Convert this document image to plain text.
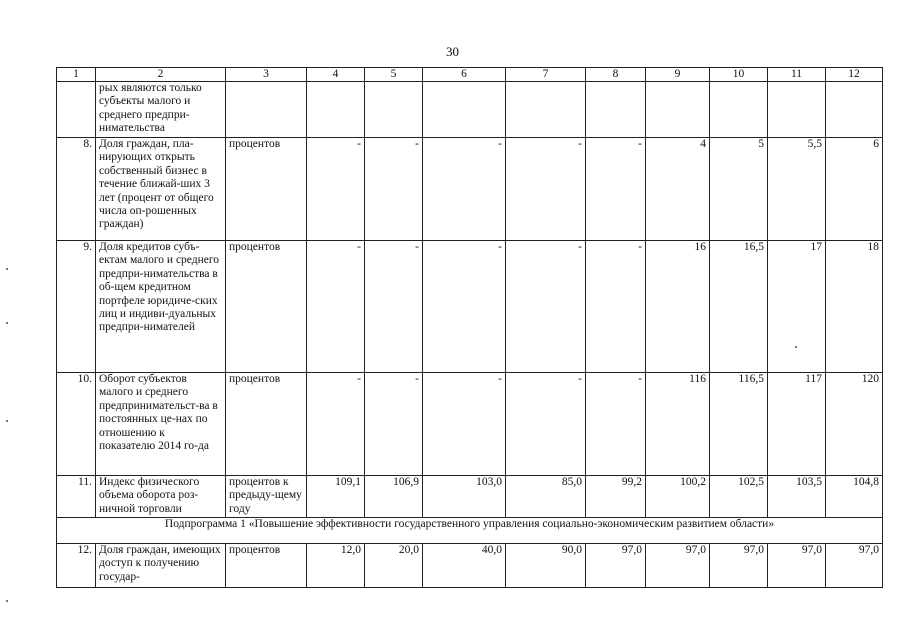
30
1	2	3	4	5	6	7	8	9	10	11	12
	рых являются только субъекты малого и среднего предпри-нимательства										
8.	Доля граждан, пла-нирующих открыть собственный бизнес в течение ближай-ших 3 лет (процент от общего числа оп-рошенных граждан)	процентов	-	-	-	-	-	4	5	5,5	6
9.	Доля кредитов субъ-ектам малого и среднего предпри-нимательства в об-щем кредитном портфеле юридиче-ских лиц и индиви-дуальных предпри-нимателей	процентов	-	-	-	-	-	16	16,5	17	18
10.	Оборот субъектов малого и среднего предпринимательст-ва в постоянных це-нах по отношению к показателю 2014 го-да	процентов	-	-	-	-	-	116	116,5	117	120
11.	Индекс физического объема оборота роз-ничной торговли	процентов к предыду-щему году	109,1	106,9	103,0	85,0	99,2	100,2	102,5	103,5	104,8
Подпрограмма 1 «Повышение эффективности государственного управления социально-экономическим развитием области»											
12.	Доля граждан, имеющих доступ к получению государ-	процентов	12,0	20,0	40,0	90,0	97,0	97,0	97,0	97,0	97,0
